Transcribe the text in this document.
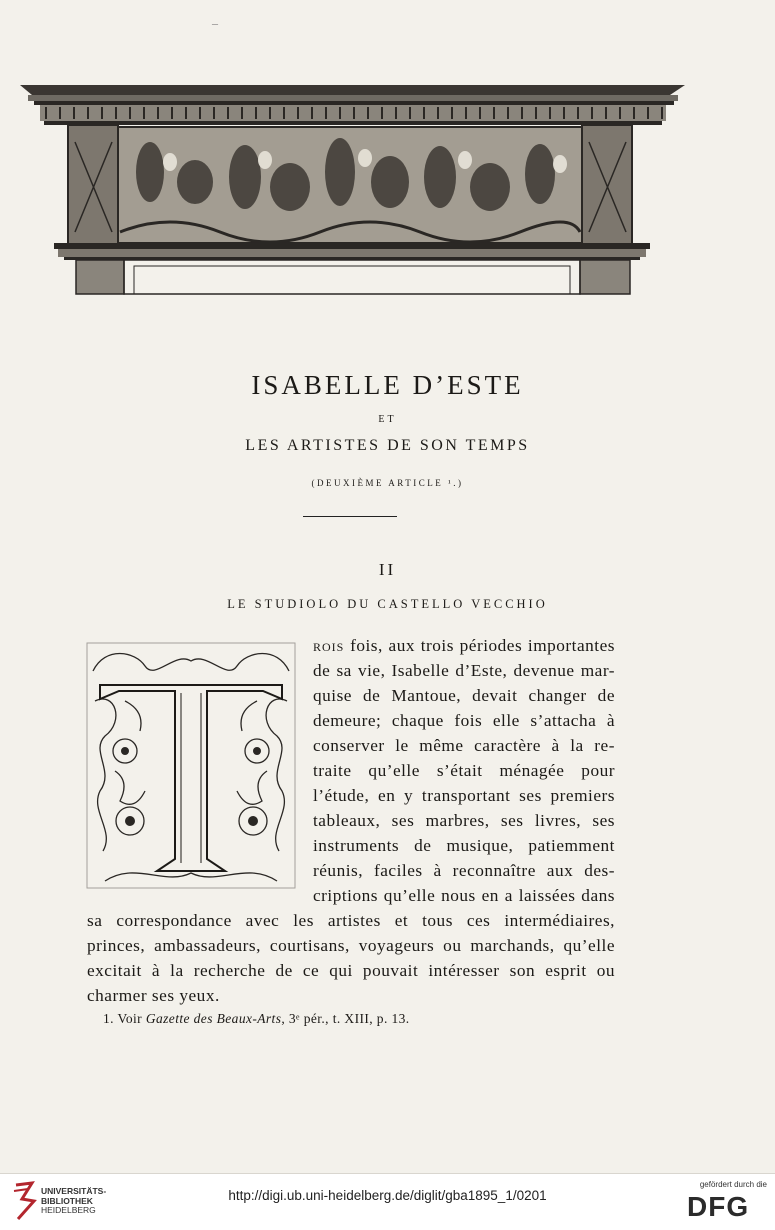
–
ISABELLE D’ESTE
ET
LES ARTISTES DE SON TEMPS
(DEUXIÈME ARTICLE ¹.)
II
LE STUDIOLO DU CASTELLO VECCHIO
ROIS fois, aux trois périodes importantes
de sa vie, Isabelle d’Este, devenue mar-
quise de Mantoue, devait changer de
demeure; chaque fois elle s’attacha à
conserver le même caractère à la re-
traite qu’elle s’était ménagée pour
l’étude, en y transportant ses premiers
tableaux, ses marbres, ses livres, ses
instruments de musique, patiemment
réunis, faciles à reconnaître aux des-
criptions qu’elle nous en a laissées dans
sa correspondance avec les artistes et tous ces intermédiaires,
princes, ambassadeurs, courtisans, voyageurs ou marchands, qu’elle
excitait à la recherche de ce qui pouvait intéresser son esprit ou
charmer ses yeux.
1. Voir Gazette des Beaux-Arts, 3ᵉ pér., t. XIII, p. 13.
UNIVERSITÄTS-
BIBLIOTHEK
HEIDELBERG
http://digi.ub.uni-heidelberg.de/diglit/gba1895_1/0201
gefördert durch die
DFG
